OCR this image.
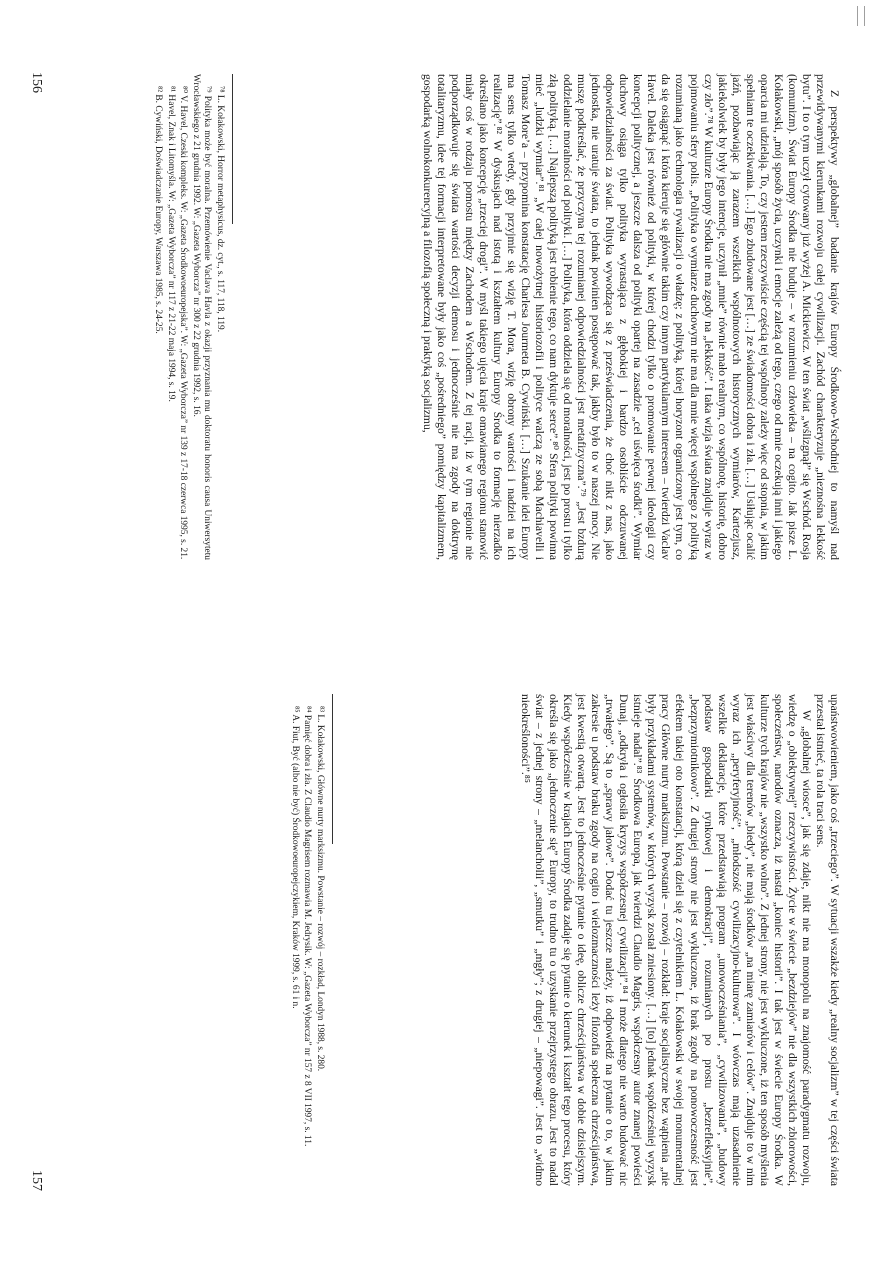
Z perspektywy „globalnej” badanie krajów Europy Środkowo-Wschodniej to namyśl nad przewidywanymi kierunkami rozwoju całej cywilizacji. Zachód charakteryzuje „nieznośna lekkość bytu”. I to o tym uczył cytowany już wyżej A. Mickiewicz. W ten świat „wślizgnął” się Wschód. Rosja (komunizm). Świat Europy Środka nie buduje – w rozumieniu człowieka – na cogito. Jak pisze L. Kołakowski, „mój sposób życia, uczynki i emocje zależą od tego, czego od mnie oczekują inni i jakiego oparcia mi udzielają. To, czy jestem rzeczywiście częścią tej wspólnoty zależy więc od stopnia, w jakim spełniam te oczekiwania. […] Ego zbudowane jest […] ze świadomości dobra i zła. […] Usiłując ocalić jaźń, pozbawiając ją zarazem wszelkich wspólnotowych historycznych wymiarów, Kartezjusz, jakiekolwiek by były jego intencje, uczynił „mnie” równie mało realnym, co wspólnotę, historię, dobro czy zło”.⁷⁸ W kulturze Europy Środka nie ma zgody na „lekkość”. I taka wizja świata znajduje wyraz w pojmowaniu sfery polis. „Polityka o wymiarze duchowym nie ma dla mnie więcej wspólnego z polityką rozumianą jako technologia rywalizacji o władzę; z polityką, której horyzont ograniczony jest tym, co da się osiągnąć i która kieruje się głównie takim czy innym partykularnym interesem – twierdzi Vaclav Havel. Daleka jest również od polityki, w której chodzi tylko o promowanie pewnej ideologii czy koncepcji politycznej, a jeszcze dalsza od polityki opartej na zasadzie „cel uświęca środki”. Wymiar duchowy osiąga tylko polityka wyrastająca z głębokiej i bardzo osobliście odczuwanej odpowiedzialności za świat. Polityka wywodząca się z przeświadczenia, że choć nikt z nas, jako jednostka, nie uratuje świata, to jednak powinien postępować tak, jakby było to w naszej mocy. Nie muszę podkreślać, że przyczyna tej rozumianej odpowiedzialności jest metafizyczna”.⁷⁹ „Jest bzdurą oddzielanie moralności od polityki. […] Polityka, która oddziela się od moralności, jest po prostu i tylko złą polityką. […] Najlepszą polityką jest robienie tego, co nam dyktuje serce”.⁸⁰ Sfera polityki powinna mieć „ludzki wymiar”.⁸¹ „W całej nowożytnej historiozofii i polityce walczą ze sobą Machiavelli i Tomasz More’a – przypomina konstatację Charlesa Jourmeta B. Cywiński. […] Szukanie idei Europy ma sens tylko wtedy, gdy przyjmie się wizję T. Mora, wizję obrony wartości i nadziei na ich realizację”.⁸² W dyskusjach nad istotą i kształtem kultury Europy Środka to formację nierzadko określano jako koncepcję „trzeciej drogi”. W myśl takiego ujęcia kraje omawianego regionu stanowić miały coś w rodzaju pomostu między Zachodem a Wschodem. Z tej racji, iż w tym regionie nie podporządkowuje się świata wartości decyzji demosu i jednocześnie nie ma zgody na doktrynę totalitaryzmu, idee tej formacji interpretowane były jako coś „pośredniego” pomiędzy kapitalizmem, gospodarką wolnokonkurencyjną a filozofią społeczną i praktyką socjalizmu,

⁷⁸ L. Kołakowski, Horror metaphysicus, dz. cyt., s. 117, 118, 119.

⁷⁹ Polityka może być moralna. Przemówienie Vaclava Havla z okazji przyznania mu doktoratu honoris causa Uniwersytetu Wrocławskiego z 21 grudnia 1992. W: „Gazeta Wyborcza” nr 300 z 22 grudnia 1992, s. 16.

⁸⁰ V. Havel, Czeski kompleks. W: „Gazeta Środkowoeuropejska”. W: „Gazeta Wyborcza” nr 139 z 17-18 czerwca 1995, s. 21.

⁸¹ Havel, Znak i Litomyśla. W: „Gazeta Wyborcza” nr 117 z 21-22 maja 1994, s. 19.

⁸² B. Cywiński, Doświadczanie Europy, Warszawa 1985, s. 24-25.

156

upaństwowieniem, jako coś „trzeciego”. W sytuacji wszakże kiedy „realny socjalizm” w tej części świata przestał istnieć, ta rola traci sens.

W „globalnej wiosce”, jak się zdaje, nikt nie ma monopolu na znajomość paradygmatu rozwoju, wiedzę o „obiektywnej” rzeczywistości. Życie w świecie „bezdziejów” nie dla wszystkich zbiorowości, społeczeństw, narodów oznacza, iż nastał „koniec historii”. I tak jest w świecie Europy Środka. W kulturze tych krajów nie „wszystko wolno”. Z jednej strony, nie jest wykluczone, iż ten sposób myślenia jest właściwy dla terenów „biedy”, nie mają środków „na miarę zamiarów i celów”. Znajduje to w nim wyraz ich „peryferyjność”, „młodszość cywilizacyjno-kulturowa”. I wówczas mają uzasadnienie wszelkie deklaracje, które przedstawiają program „unowocześniania”, „cywilizowania”, „budowy podstaw gospodarki rynkowej i demokracji”, rozumianych po prostu „bezrefleksyjnie”, „bezprzymiotnikowo”. Z drugiej strony nie jest wykluczone, iż brak zgody na ponowoczesność jest efektem takiej oto konstatacji, którą dzieli się z czytelnikiem L. Kołakowski w swojej monumentalnej pracy Główne nurty marksizmu. Powstanie – rozwój – rozkład: kraje socjalistyczne bez wątpienia „nie były przykładami systemów, w których wyzysk został zniesiony. […] [to] jednak współcześniej wyzysk istnieje nadal”.⁸³ Środkowa Europa, jak twierdzi Claudio Magris, współczesny autor znanej powieści Dunaj, „odkryła i ogłosiła kryzys współczesnej cywilizacji”.⁸⁴ I może dlatego nie warto budować nic „trwałego”. Są to „sprawy jałowe”. Dodać tu jeszcze należy, iż odpowiedź na pytanie o to, w jakim zakresie u podstaw braku zgody na cogito i wielozmaczności leży filozofia społeczna chrześcijaństwa, jest kwestią otwartą. Jest to jednocześnie pytanie o ideę, oblicze chrześcijaństwa w dobie dzisiejszym. Kiedy współcześnie w krajach Europy Środka zadaje się pytanie o kierunek i kształt tego procesu, który określa się jako „jednoczenie się” Europy, to trudno tu o uzyskanie przejrzystego obrazu. Jest to nadal świat – z jednej strony – „melancholii”, „smutku” i „mgły”; z drugiej – „niepowagi”. Jest to „widmo nieokreśloności”.⁸⁵

⁸³ L. Kołakowski, Główne nurty marksizmu. Powstanie – rozwój – rozkład, Londyn 1988, s. 280.

⁸⁴ Pamięć dobra i zła. Z Claudio Magrisem rozmawia M. Jedrysik. W: „Gazeta Wyborcza” nr 157 z 8 VII 1997, s. 11.

⁸⁵ A. Fiut, Być (albo nie być) Środkowoeuropejczykiem, Kraków 1999, s. 61 i n.

157
